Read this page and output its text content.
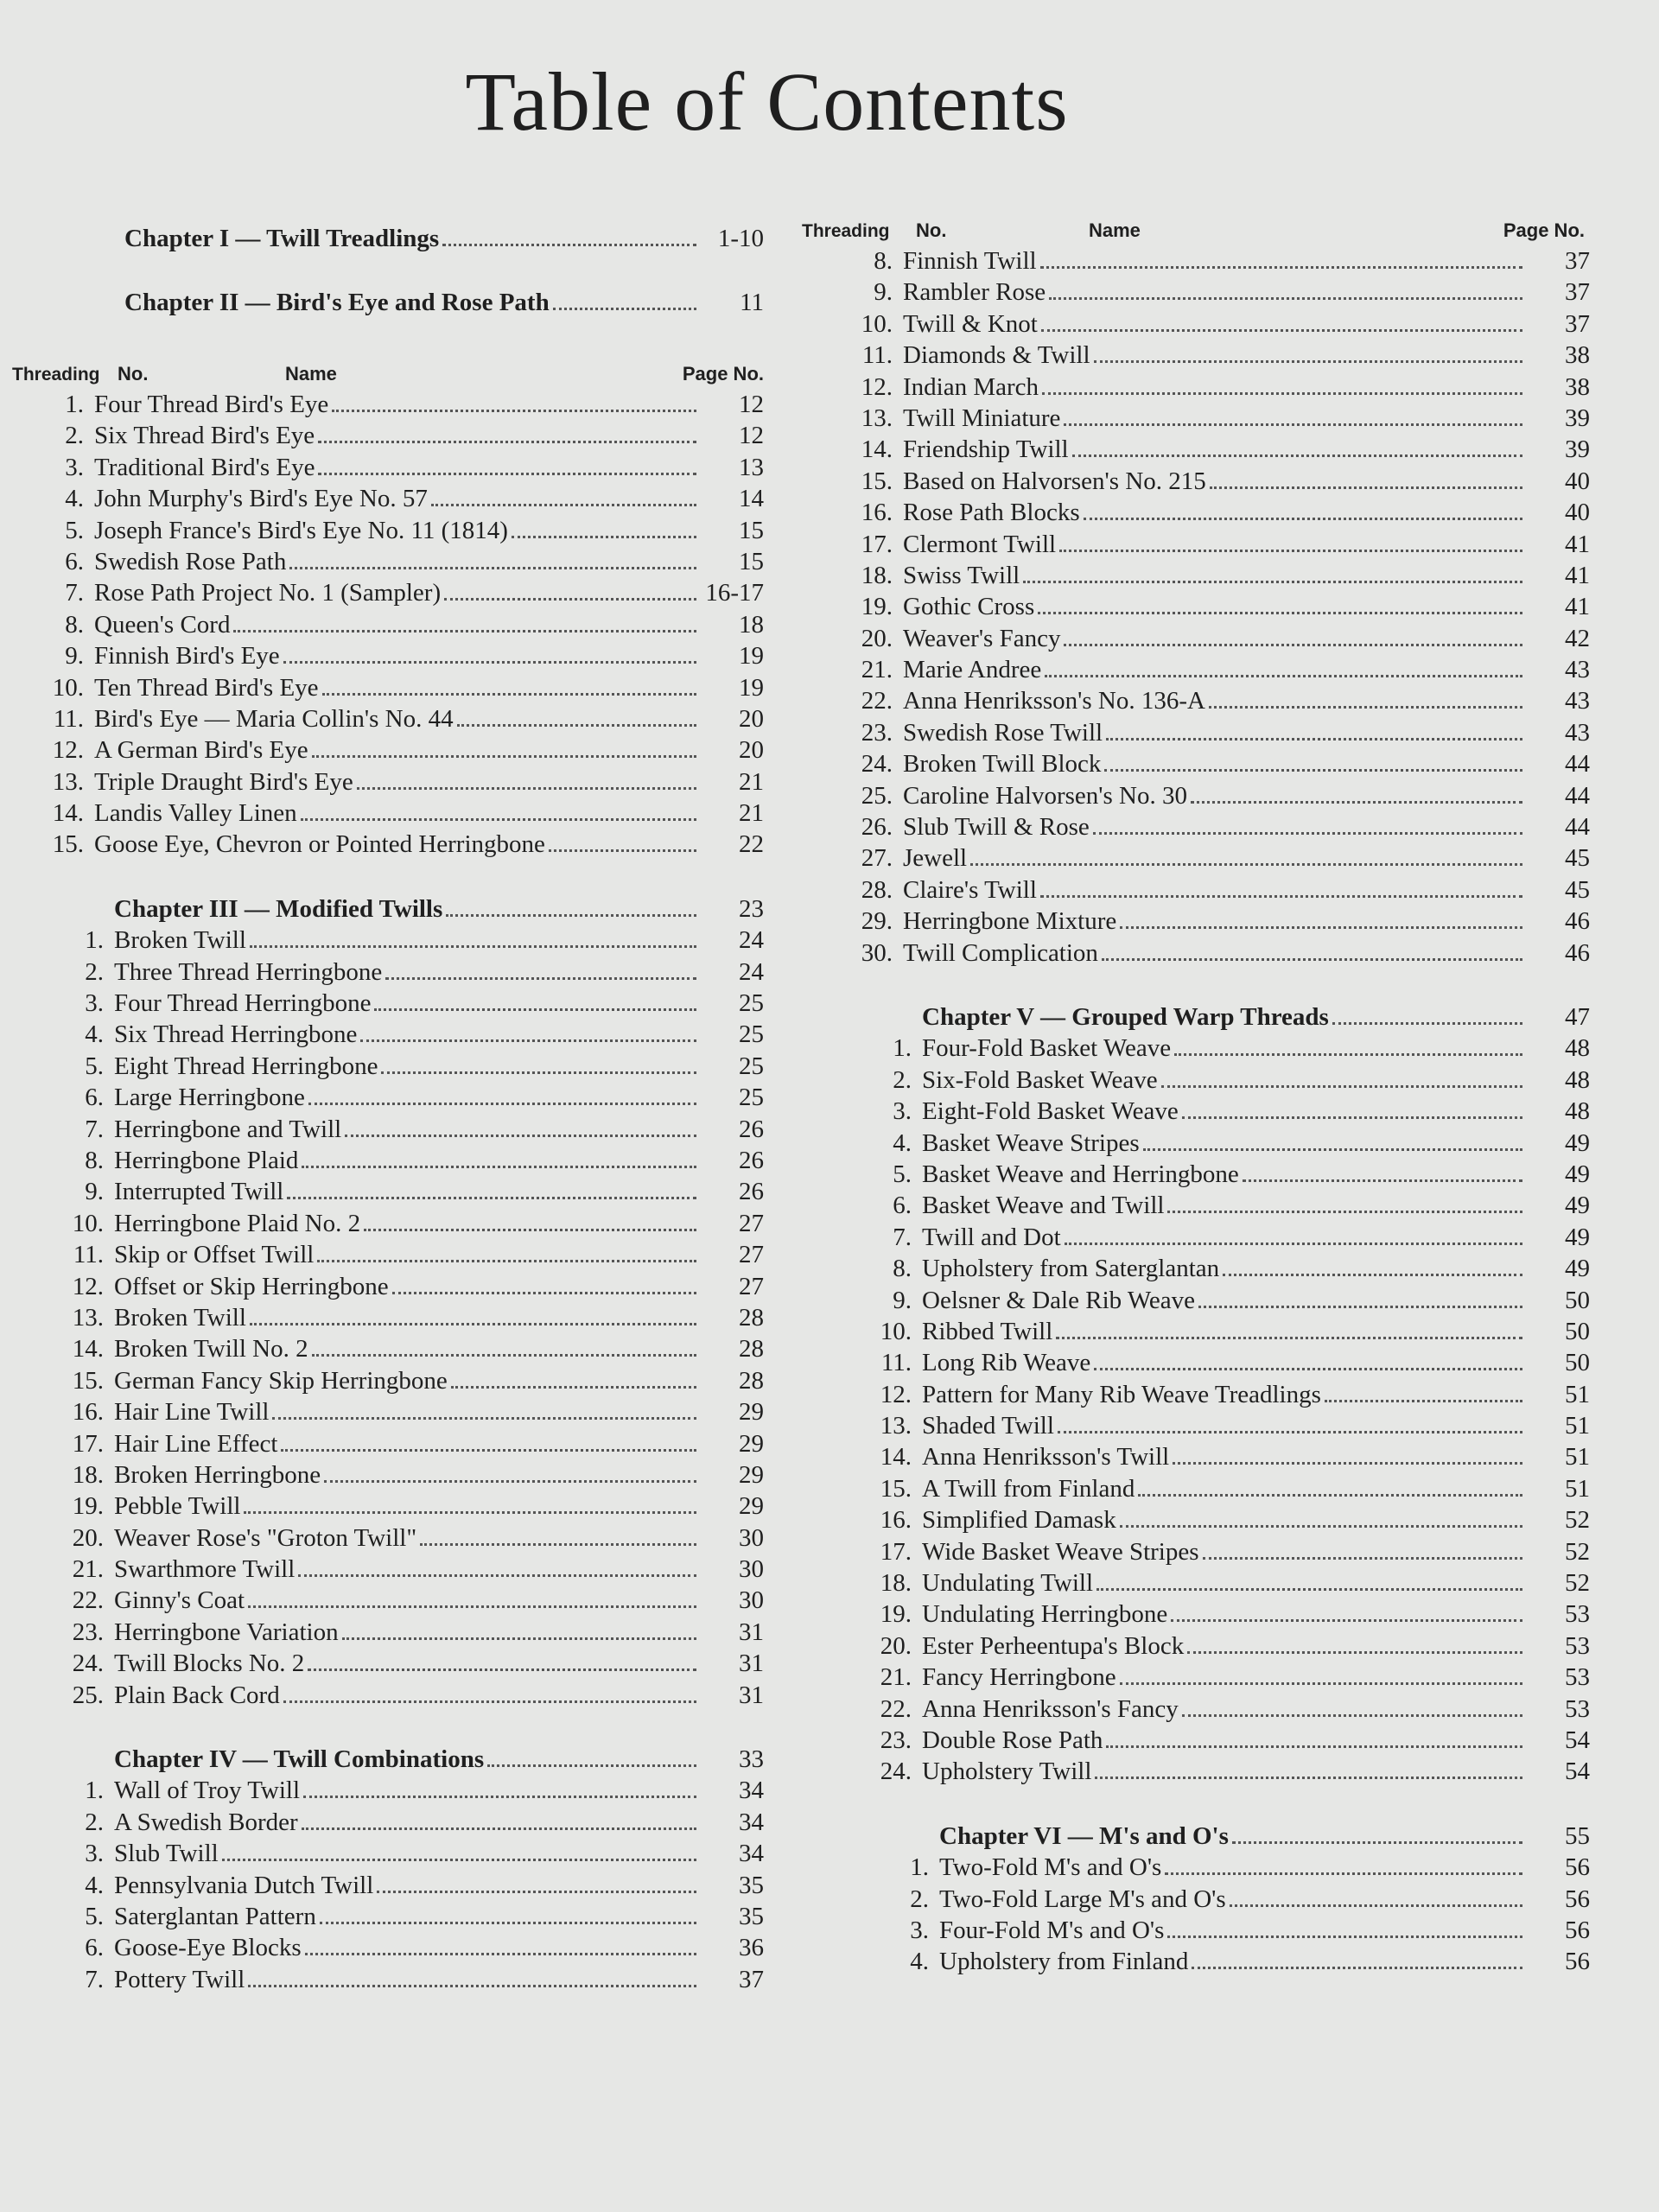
Table of Contents
Chapter I — Twill Treadlings	1-10
Chapter II — Bird's Eye and Rose Path	11
Threading No.	Name	Page No.
1. Four Thread Bird's Eye	12
2. Six Thread Bird's Eye	12
3. Traditional Bird's Eye	13
4. John Murphy's Bird's Eye No. 57	14
5. Joseph France's Bird's Eye No. 11 (1814)	15
6. Swedish Rose Path	15
7. Rose Path Project No. 1 (Sampler)	16-17
8. Queen's Cord	18
9. Finnish Bird's Eye	19
10. Ten Thread Bird's Eye	19
11. Bird's Eye — Maria Collin's No. 44	20
12. A German Bird's Eye	20
13. Triple Draught Bird's Eye	21
14. Landis Valley Linen	21
15. Goose Eye, Chevron or Pointed Herringbone	22
Chapter III — Modified Twills	23
1. Broken Twill	24
2. Three Thread Herringbone	24
3. Four Thread Herringbone	25
4. Six Thread Herringbone	25
5. Eight Thread Herringbone	25
6. Large Herringbone	25
7. Herringbone and Twill	26
8. Herringbone Plaid	26
9. Interrupted Twill	26
10. Herringbone Plaid No. 2	27
11. Skip or Offset Twill	27
12. Offset or Skip Herringbone	27
13. Broken Twill	28
14. Broken Twill No. 2	28
15. German Fancy Skip Herringbone	28
16. Hair Line Twill	29
17. Hair Line Effect	29
18. Broken Herringbone	29
19. Pebble Twill	29
20. Weaver Rose's "Groton Twill"	30
21. Swarthmore Twill	30
22. Ginny's Coat	30
23. Herringbone Variation	31
24. Twill Blocks No. 2	31
25. Plain Back Cord	31
Chapter IV — Twill Combinations	33
1. Wall of Troy Twill	34
2. A Swedish Border	34
3. Slub Twill	34
4. Pennsylvania Dutch Twill	35
5. Saterglantan Pattern	35
6. Goose-Eye Blocks	36
7. Pottery Twill	37
Threading No.	Name	Page No.
8. Finnish Twill	37
9. Rambler Rose	37
10. Twill & Knot	37
11. Diamonds & Twill	38
12. Indian March	38
13. Twill Miniature	39
14. Friendship Twill	39
15. Based on Halvorsen's No. 215	40
16. Rose Path Blocks	40
17. Clermont Twill	41
18. Swiss Twill	41
19. Gothic Cross	41
20. Weaver's Fancy	42
21. Marie Andree	43
22. Anna Henriksson's No. 136-A	43
23. Swedish Rose Twill	43
24. Broken Twill Block	44
25. Caroline Halvorsen's No. 30	44
26. Slub Twill & Rose	44
27. Jewell	45
28. Claire's Twill	45
29. Herringbone Mixture	46
30. Twill Complication	46
Chapter V — Grouped Warp Threads	47
1. Four-Fold Basket Weave	48
2. Six-Fold Basket Weave	48
3. Eight-Fold Basket Weave	48
4. Basket Weave Stripes	49
5. Basket Weave and Herringbone	49
6. Basket Weave and Twill	49
7. Twill and Dot	49
8. Upholstery from Saterglantan	49
9. Oelsner & Dale Rib Weave	50
10. Ribbed Twill	50
11. Long Rib Weave	50
12. Pattern for Many Rib Weave Treadlings	51
13. Shaded Twill	51
14. Anna Henriksson's Twill	51
15. A Twill from Finland	51
16. Simplified Damask	52
17. Wide Basket Weave Stripes	52
18. Undulating Twill	52
19. Undulating Herringbone	53
20. Ester Perheentupa's Block	53
21. Fancy Herringbone	53
22. Anna Henriksson's Fancy	53
23. Double Rose Path	54
24. Upholstery Twill	54
Chapter VI — M's and O's	55
1. Two-Fold M's and O's	56
2. Two-Fold Large M's and O's	56
3. Four-Fold M's and O's	56
4. Upholstery from Finland	56
